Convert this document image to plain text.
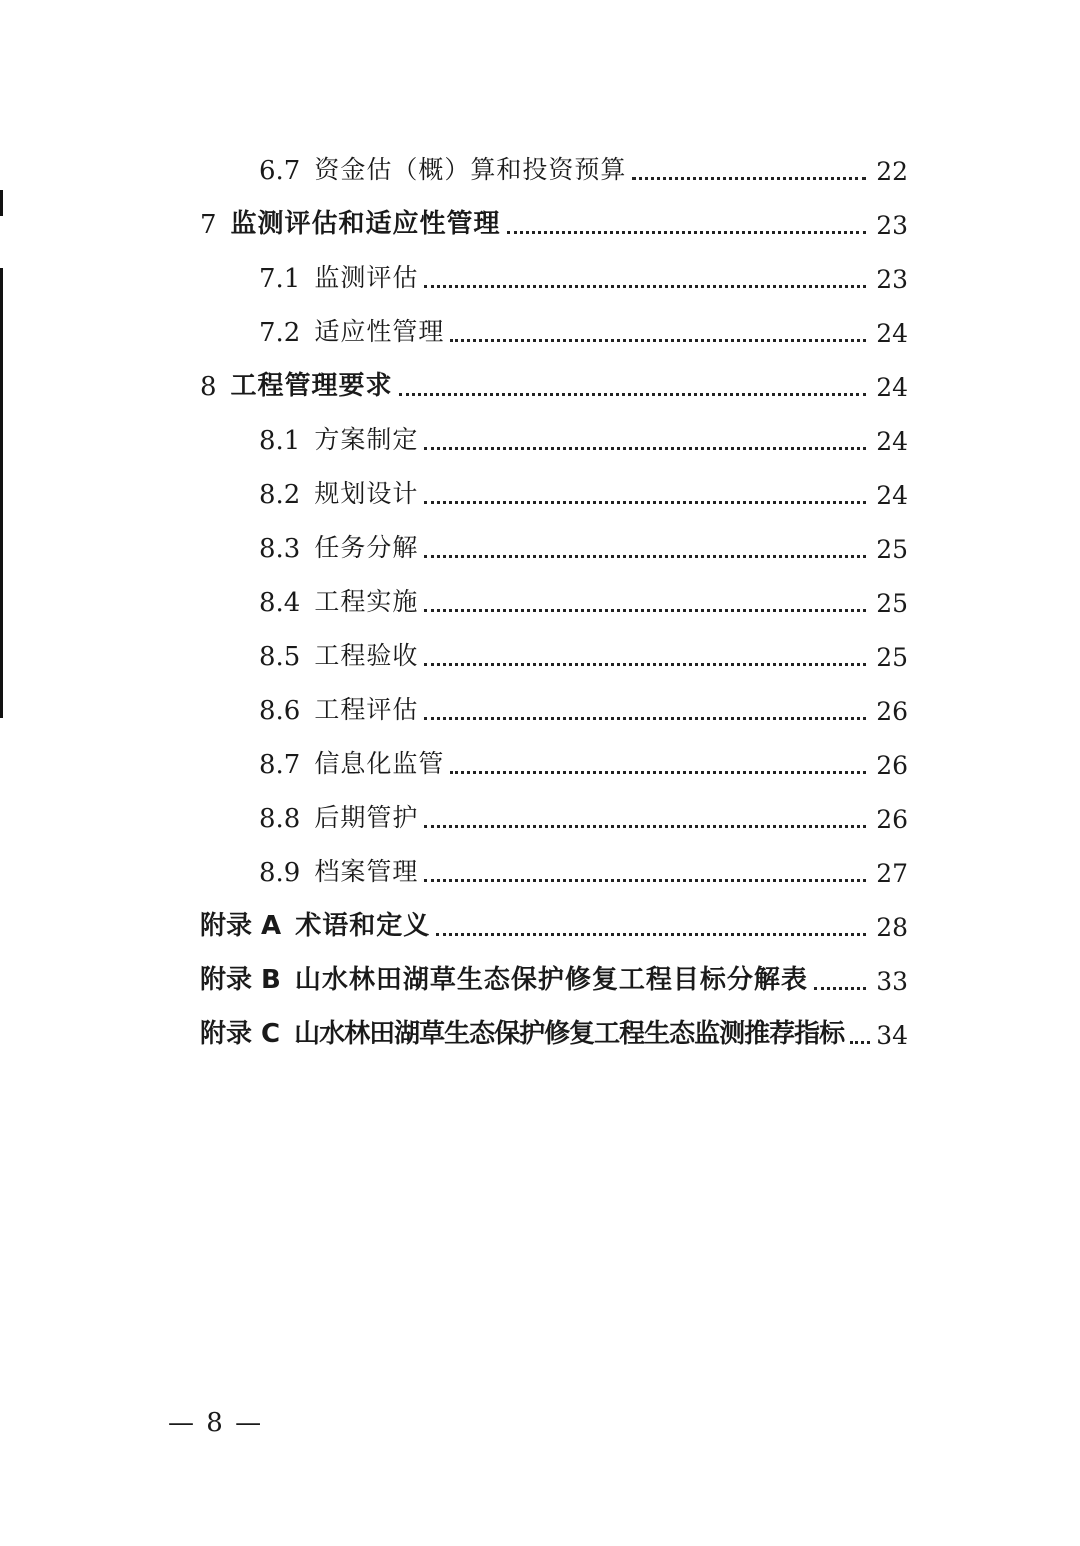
6.7 资金估（概）算和投资预算	22
7 监测评估和适应性管理	23
7.1 监测评估	23
7.2 适应性管理	24
8 工程管理要求	24
8.1 方案制定	24
8.2 规划设计	24
8.3 任务分解	25
8.4 工程实施	25
8.5 工程验收	25
8.6 工程评估	26
8.7 信息化监管	26
8.8 后期管护	26
8.9 档案管理	27
附录 A 术语和定义	28
附录 B 山水林田湖草生态保护修复工程目标分解表	33
附录 C 山水林田湖草生态保护修复工程生态监测推荐指标 34
— 8 —
